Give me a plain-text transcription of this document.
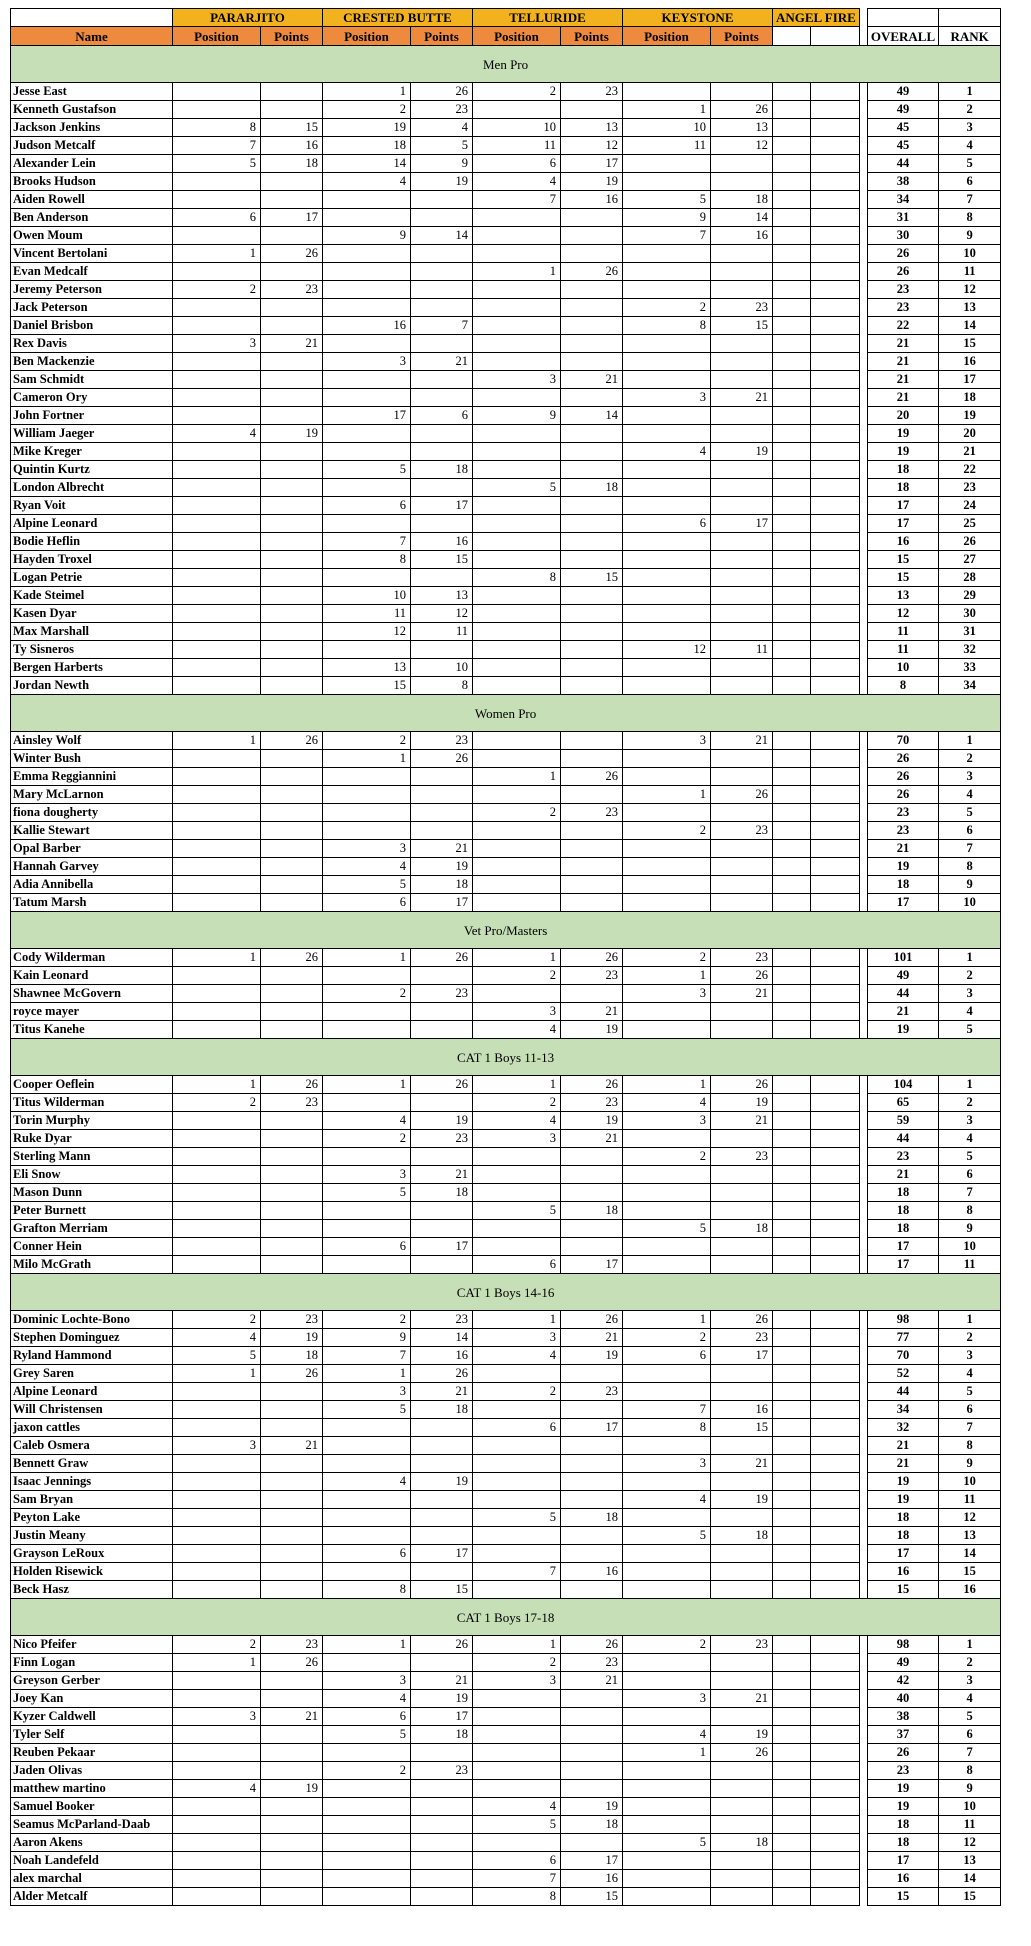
	PARARJITO		CRESTED BUTTE		TELLURIDE		KEYSTONE		ANGEL FIRE				
Name	Position	Points	Position	Points	Position	Points	Position	Points				OVERALL	RANK
Men Pro													
Jesse East			1	26	2	23						49	1
Kenneth Gustafson			2	23			1	26				49	2
Jackson Jenkins	8	15	19	4	10	13	10	13				45	3
Judson Metcalf	7	16	18	5	11	12	11	12				45	4
Alexander Lein	5	18	14	9	6	17						44	5
Brooks Hudson			4	19	4	19						38	6
Aiden Rowell					7	16	5	18				34	7
Ben Anderson	6	17					9	14				31	8
Owen Moum			9	14			7	16				30	9
Vincent Bertolani	1	26										26	10
Evan Medcalf					1	26						26	11
Jeremy Peterson	2	23										23	12
Jack Peterson							2	23				23	13
Daniel Brisbon			16	7			8	15				22	14
Rex Davis	3	21										21	15
Ben Mackenzie			3	21								21	16
Sam Schmidt					3	21						21	17
Cameron Ory							3	21				21	18
John Fortner			17	6	9	14						20	19
William Jaeger	4	19										19	20
Mike Kreger							4	19				19	21
Quintin Kurtz			5	18								18	22
London Albrecht					5	18						18	23
Ryan Voit			6	17								17	24
Alpine Leonard							6	17				17	25
Bodie Heflin			7	16								16	26
Hayden Troxel			8	15								15	27
Logan Petrie					8	15						15	28
Kade Steimel			10	13								13	29
Kasen Dyar			11	12								12	30
Max Marshall			12	11								11	31
Ty Sisneros							12	11				11	32
Bergen Harberts			13	10								10	33
Jordan Newth			15	8								8	34
Women Pro													
Ainsley Wolf	1	26	2	23			3	21				70	1
Winter Bush			1	26								26	2
Emma Reggiannini					1	26						26	3
Mary McLarnon							1	26				26	4
fiona dougherty					2	23						23	5
Kallie Stewart							2	23				23	6
Opal Barber			3	21								21	7
Hannah Garvey			4	19								19	8
Adia Annibella			5	18								18	9
Tatum Marsh			6	17								17	10
Vet Pro/Masters													
Cody Wilderman	1	26	1	26	1	26	2	23				101	1
Kain Leonard					2	23	1	26				49	2
Shawnee McGovern			2	23			3	21				44	3
royce mayer					3	21						21	4
Titus Kanehe					4	19						19	5
CAT 1 Boys 11-13													
Cooper Oeflein	1	26	1	26	1	26	1	26				104	1
Titus Wilderman	2	23			2	23	4	19				65	2
Torin Murphy			4	19	4	19	3	21				59	3
Ruke Dyar			2	23	3	21						44	4
Sterling Mann							2	23				23	5
Eli Snow			3	21								21	6
Mason Dunn			5	18								18	7
Peter Burnett					5	18						18	8
Grafton Merriam							5	18				18	9
Conner Hein			6	17								17	10
Milo McGrath					6	17						17	11
CAT 1 Boys 14-16													
Dominic Lochte-Bono	2	23	2	23	1	26	1	26				98	1
Stephen Dominguez	4	19	9	14	3	21	2	23				77	2
Ryland Hammond	5	18	7	16	4	19	6	17				70	3
Grey Saren	1	26	1	26								52	4
Alpine Leonard			3	21	2	23						44	5
Will Christensen			5	18			7	16				34	6
jaxon cattles					6	17	8	15				32	7
Caleb Osmera	3	21										21	8
Bennett Graw							3	21				21	9
Isaac Jennings			4	19								19	10
Sam Bryan							4	19				19	11
Peyton Lake					5	18						18	12
Justin Meany							5	18				18	13
Grayson LeRoux			6	17								17	14
Holden Risewick					7	16						16	15
Beck Hasz			8	15								15	16
CAT 1 Boys 17-18													
Nico Pfeifer	2	23	1	26	1	26	2	23				98	1
Finn Logan	1	26			2	23						49	2
Greyson Gerber			3	21	3	21						42	3
Joey Kan			4	19			3	21				40	4
Kyzer Caldwell	3	21	6	17								38	5
Tyler Self			5	18			4	19				37	6
Reuben Pekaar							1	26				26	7
Jaden Olivas			2	23								23	8
matthew martino	4	19										19	9
Samuel Booker					4	19						19	10
Seamus McParland-Daab					5	18						18	11
Aaron Akens							5	18				18	12
Noah Landefeld					6	17						17	13
alex marchal					7	16						16	14
Alder Metcalf					8	15						15	15
